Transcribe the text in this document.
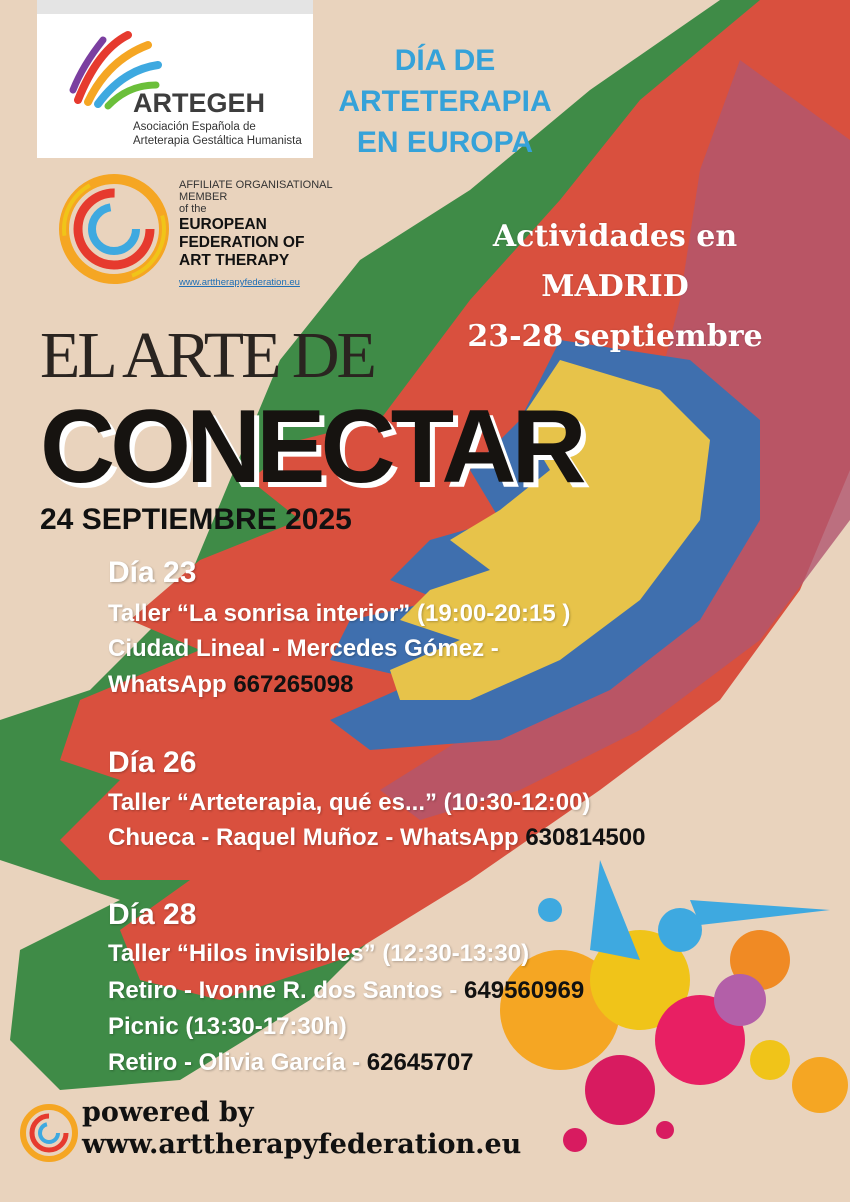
ARTEGEH
Asociación Española de
Arteterapia Gestáltica Humanista
DÍA DE
ARTETERAPIA
EN EUROPA
AFFILIATE ORGANISATIONAL
MEMBER
of the
EUROPEAN
FEDERATION OF
ART THERAPY
www.arttherapyfederation.eu
Actividades en
MADRID
23-28 septiembre
EL ARTE DE
CONECTAR
24 SEPTIEMBRE 2025
Día 23
Taller “La sonrisa interior” (19:00-20:15 )
Ciudad Lineal - Mercedes Gómez -
WhatsApp 667265098
Día 26
Taller “Arteterapia, qué es...” (10:30-12:00)
Chueca - Raquel Muñoz - WhatsApp 630814500
Día 28
Taller “Hilos invisibles” (12:30-13:30)
Retiro - Ivonne R. dos Santos - 649560969
Picnic (13:30-17:30h)
Retiro - Olivia García - 62645707
powered by
www.arttherapyfederation.eu
